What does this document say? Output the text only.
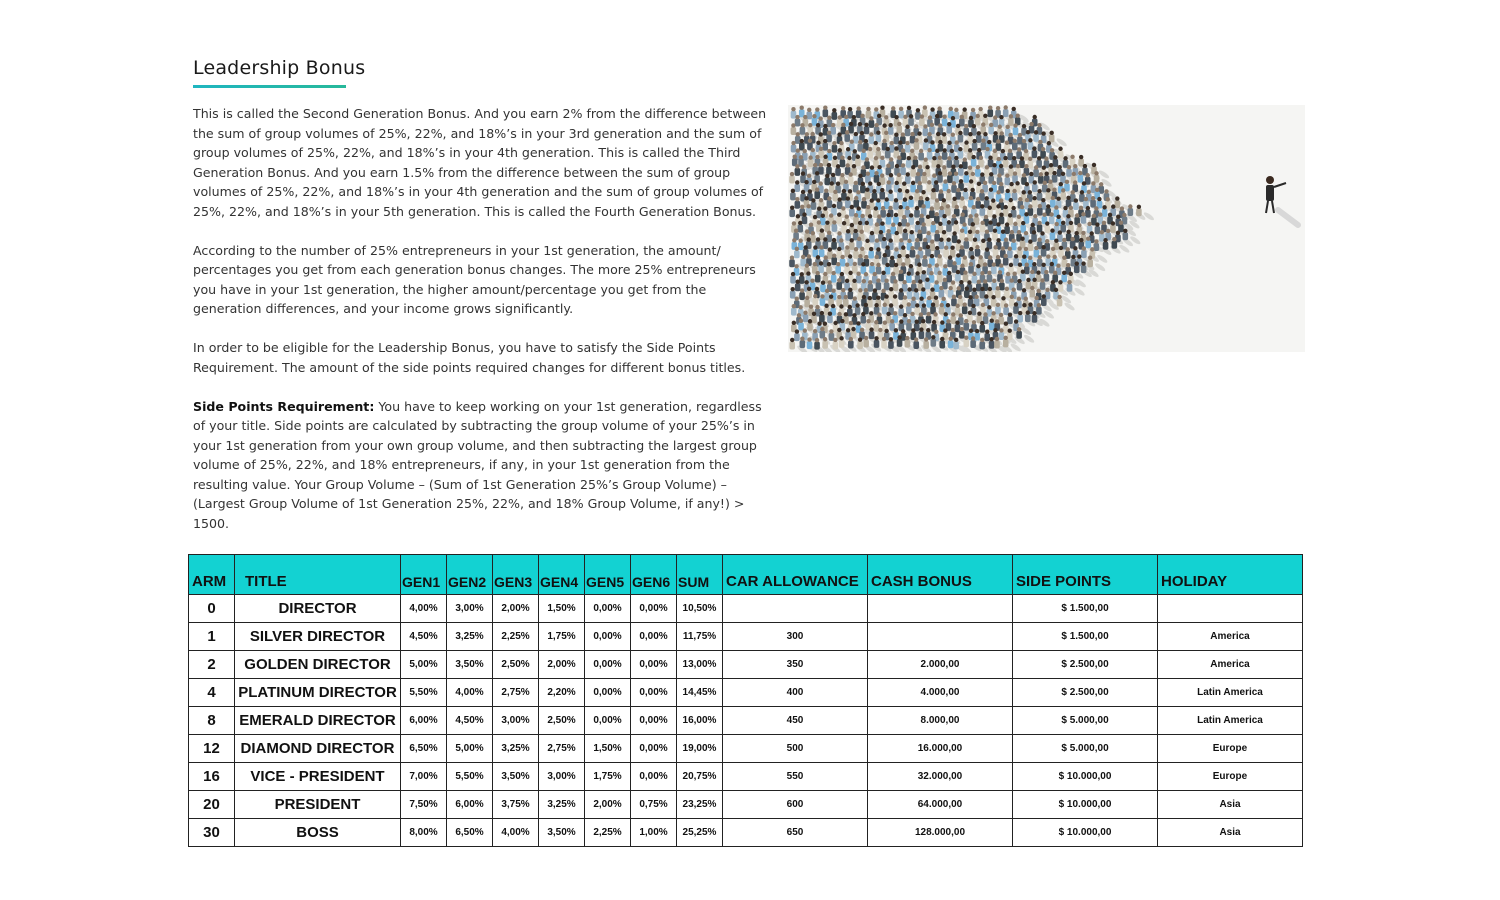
Leadership Bonus

This is called the Second Generation Bonus. And you earn 2% from the difference between the sum of group volumes of 25%, 22%, and 18%’s in your 3rd generation and the sum of group volumes of 25%, 22%, and 18%’s in your 4th generation. This is called the Third Generation Bonus. And you earn 1.5% from the difference between the sum of group volumes of 25%, 22%, and 18%’s in your 4th generation and the sum of group volumes of 25%, 22%, and 18%’s in your 5th generation. This is called the Fourth Generation Bonus.

According to the number of 25% entrepreneurs in your 1st generation, the amount/ percentages you get from each generation bonus changes. The more 25% entrepreneurs you have in your 1st generation, the higher amount/percentage you get from the generation differences, and your income grows significantly.

In order to be eligible for the Leadership Bonus, you have to satisfy the Side Points Requirement. The amount of the side points required changes for different bonus titles.

Side Points Requirement: You have to keep working on your 1st generation, regardless of your title. Side points are calculated by subtracting the group volume of your 25%’s in your 1st generation from your own group volume, and then subtracting the largest group volume of 25%, 22%, and 18% entrepreneurs, if any, in your 1st generation from the resulting value. Your Group Volume – (Sum of 1st Generation 25%’s Group Volume) – (Largest Group Volume of 1st Generation 25%, 22%, and 18% Group Volume, if any!) > 1500.

ARM	TITLE	GEN1	GEN2	GEN3	GEN4	GEN5	GEN6	SUM	CAR ALLOWANCE	CASH BONUS	SIDE POINTS	HOLIDAY
0	DIRECTOR	4,00%	3,00%	2,00%	1,50%	0,00%	0,00%	10,50%			$ 1.500,00	
1	SILVER DIRECTOR	4,50%	3,25%	2,25%	1,75%	0,00%	0,00%	11,75%	300		$ 1.500,00	America
2	GOLDEN DIRECTOR	5,00%	3,50%	2,50%	2,00%	0,00%	0,00%	13,00%	350	2.000,00	$ 2.500,00	America
4	PLATINUM DIRECTOR	5,50%	4,00%	2,75%	2,20%	0,00%	0,00%	14,45%	400	4.000,00	$ 2.500,00	Latin America
8	EMERALD DIRECTOR	6,00%	4,50%	3,00%	2,50%	0,00%	0,00%	16,00%	450	8.000,00	$ 5.000,00	Latin America
12	DIAMOND DIRECTOR	6,50%	5,00%	3,25%	2,75%	1,50%	0,00%	19,00%	500	16.000,00	$ 5.000,00	Europe
16	VICE - PRESIDENT	7,00%	5,50%	3,50%	3,00%	1,75%	0,00%	20,75%	550	32.000,00	$ 10.000,00	Europe
20	PRESIDENT	7,50%	6,00%	3,75%	3,25%	2,00%	0,75%	23,25%	600	64.000,00	$ 10.000,00	Asia
30	BOSS	8,00%	6,50%	4,00%	3,50%	2,25%	1,00%	25,25%	650	128.000,00	$ 10.000,00	Asia
